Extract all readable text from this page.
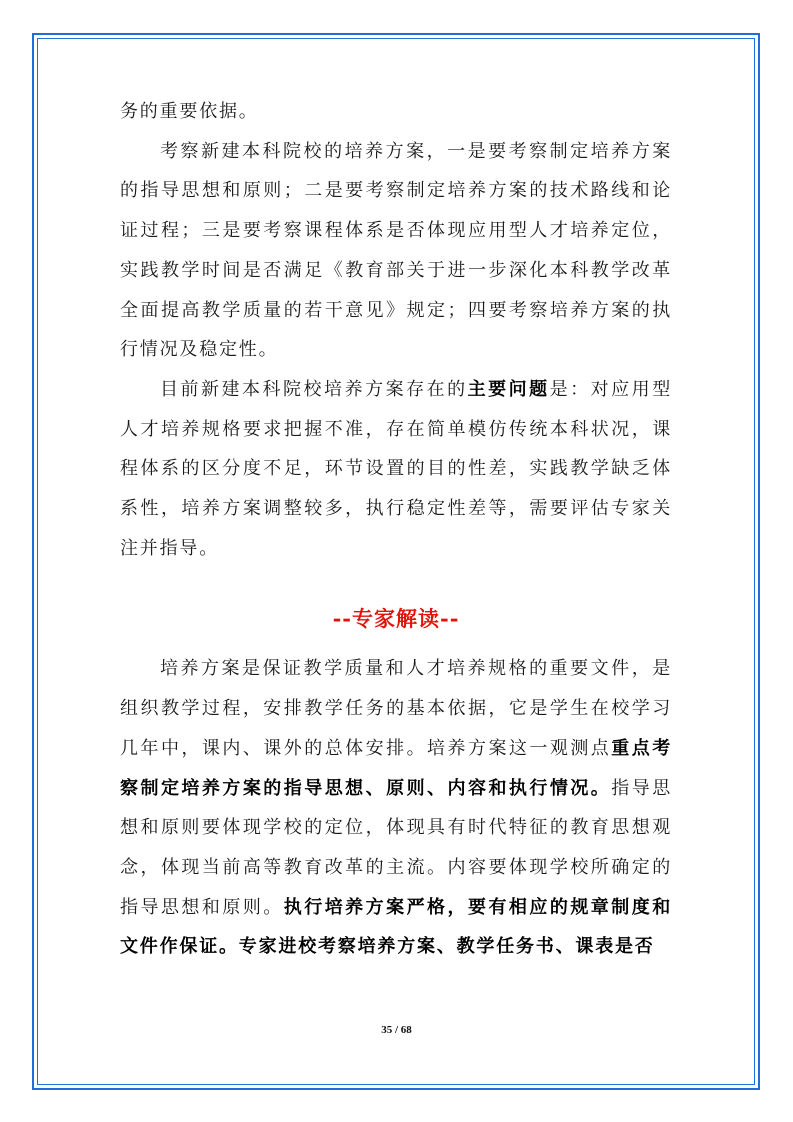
务的重要依据。

考察新建本科院校的培养方案，一是要考察制定培养方案的指导思想和原则；二是要考察制定培养方案的技术路线和论证过程；三是要考察课程体系是否体现应用型人才培养定位，实践教学时间是否满足《教育部关于进一步深化本科教学改革全面提高教学质量的若干意见》规定；四要考察培养方案的执行情况及稳定性。

目前新建本科院校培养方案存在的主要问题是：对应用型人才培养规格要求把握不准，存在简单模仿传统本科状况，课程体系的区分度不足，环节设置的目的性差，实践教学缺乏体系性，培养方案调整较多，执行稳定性差等，需要评估专家关注并指导。

--专家解读--

培养方案是保证教学质量和人才培养规格的重要文件，是组织教学过程，安排教学任务的基本依据，它是学生在校学习几年中，课内、课外的总体安排。培养方案这一观测点重点考察制定培养方案的指导思想、原则、内容和执行情况。指导思想和原则要体现学校的定位，体现具有时代特征的教育思想观念，体现当前高等教育改革的主流。内容要体现学校所确定的指导思想和原则。执行培养方案严格，要有相应的规章制度和文件作保证。专家进校考察培养方案、教学任务书、课表是否

35 / 68
